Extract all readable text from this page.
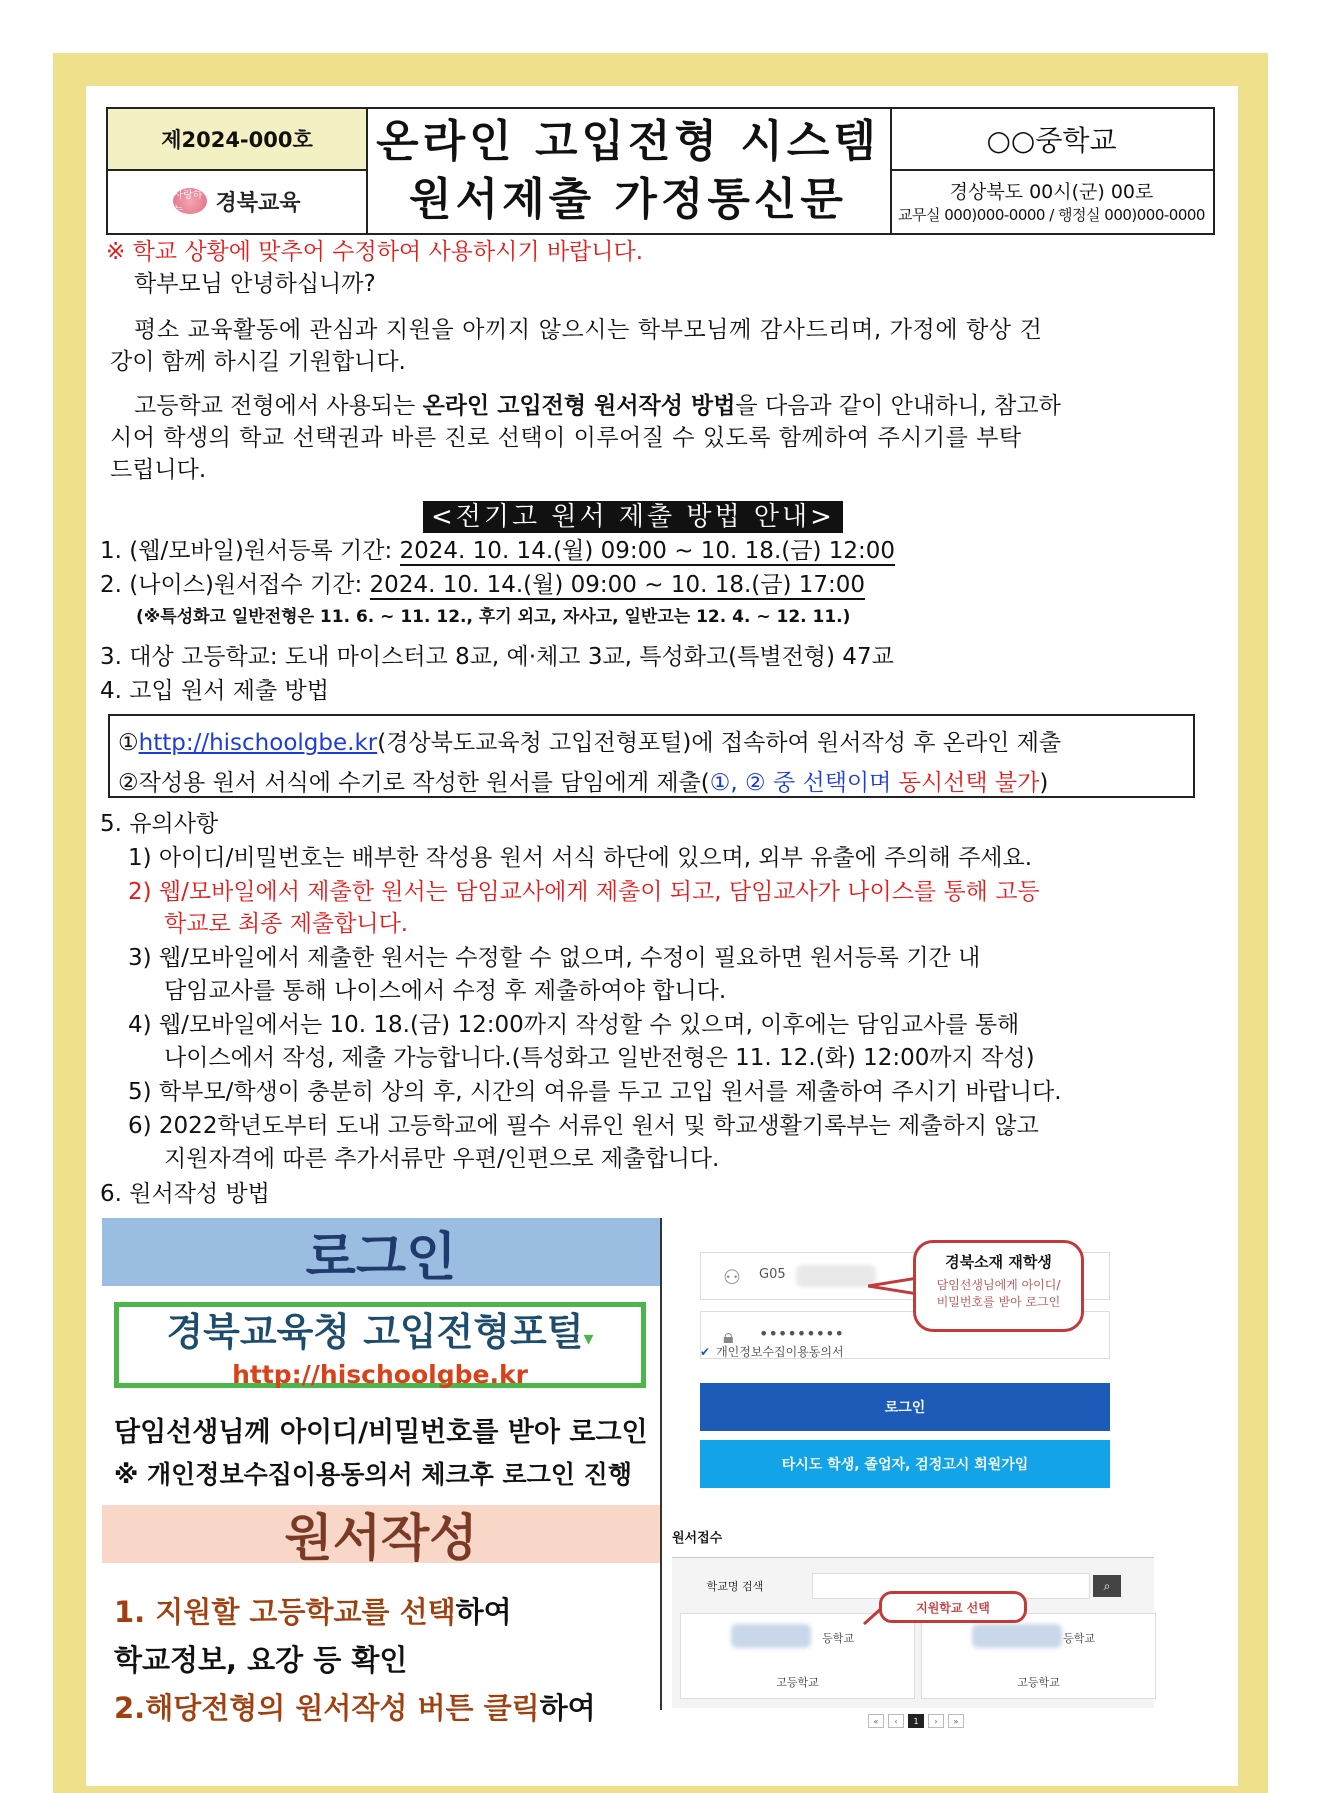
제2024-000호
사랑하는	경북교육
온라인 고입전형 시스템
원서제출 가정통신문
○○중학교
경상북도 00시(군) 00로
교무실 000)000-0000 / 행정실 000)000-0000
※ 학교 상황에 맞추어 수정하여 사용하시기 바랍니다.
학부모님 안녕하십니까?
평소 교육활동에 관심과 지원을 아끼지 않으시는 학부모님께 감사드리며, 가정에 항상 건
강이 함께 하시길 기원합니다.
고등학교 전형에서 사용되는 온라인 고입전형 원서작성 방법을 다음과 같이 안내하니, 참고하
시어 학생의 학교 선택권과 바른 진로 선택이 이루어질 수 있도록 함께하여 주시기를 부탁
드립니다.
<전기고 원서 제출 방법 안내>
1. (웹/모바일)원서등록 기간: 2024. 10. 14.(월) 09:00 ~ 10. 18.(금) 12:00
2. (나이스)원서접수 기간: 2024. 10. 14.(월) 09:00 ~ 10. 18.(금) 17:00
(※특성화고 일반전형은 11. 6. ~ 11. 12., 후기 외고, 자사고, 일반고는 12. 4. ~ 12. 11.)
3. 대상 고등학교: 도내 마이스터고 8교, 예·체고 3교, 특성화고(특별전형) 47교
4. 고입 원서 제출 방법
①http://hischoolgbe.kr(경상북도교육청 고입전형포털)에 접속하여 원서작성 후 온라인 제출
②작성용 원서 서식에 수기로 작성한 원서를 담임에게 제출(①, ② 중 선택이며 동시선택 불가)
5. 유의사항
1) 아이디/비밀번호는 배부한 작성용 원서 서식 하단에 있으며, 외부 유출에 주의해 주세요.
2) 웹/모바일에서 제출한 원서는 담임교사에게 제출이 되고, 담임교사가 나이스를 통해 고등
학교로 최종 제출합니다.
3) 웹/모바일에서 제출한 원서는 수정할 수 없으며, 수정이 필요하면 원서등록 기간 내
담임교사를 통해 나이스에서 수정 후 제출하여야 합니다.
4) 웹/모바일에서는 10. 18.(금) 12:00까지 작성할 수 있으며, 이후에는 담임교사를 통해
나이스에서 작성, 제출 가능합니다.(특성화고 일반전형은 11. 12.(화) 12:00까지 작성)
5) 학부모/학생이 충분히 상의 후, 시간의 여유를 두고 고입 원서를 제출하여 주시기 바랍니다.
6) 2022학년도부터 도내 고등학교에 필수 서류인 원서 및 학교생활기록부는 제출하지 않고
지원자격에 따른 추가서류만 우편/인편으로 제출합니다.
6. 원서작성 방법
로그인
경북교육청 고입전형포털▾
http://hischoolgbe.kr
담임선생님께 아이디/비밀번호를 받아 로그인
※ 개인정보수집이용동의서 체크후 로그인 진행
⚇ G05
🔒︎ •••••••••
경북소재 재학생
담임선생님에게 아이디/
비밀번호를 받아 로그인
✔ 개인정보수집이용동의서
로그인
타시도 학생, 졸업자, 검정고시 회원가입
원서작성
1. 지원할 고등학교를 선택하여
학교정보, 요강 등 확인
2.해당전형의 원서작성 버튼 클릭하여
원서접수
학교명 검색	⌕
등학교
고등학교
등학교
고등학교
지원학교 선택
«	‹	1	›	»
